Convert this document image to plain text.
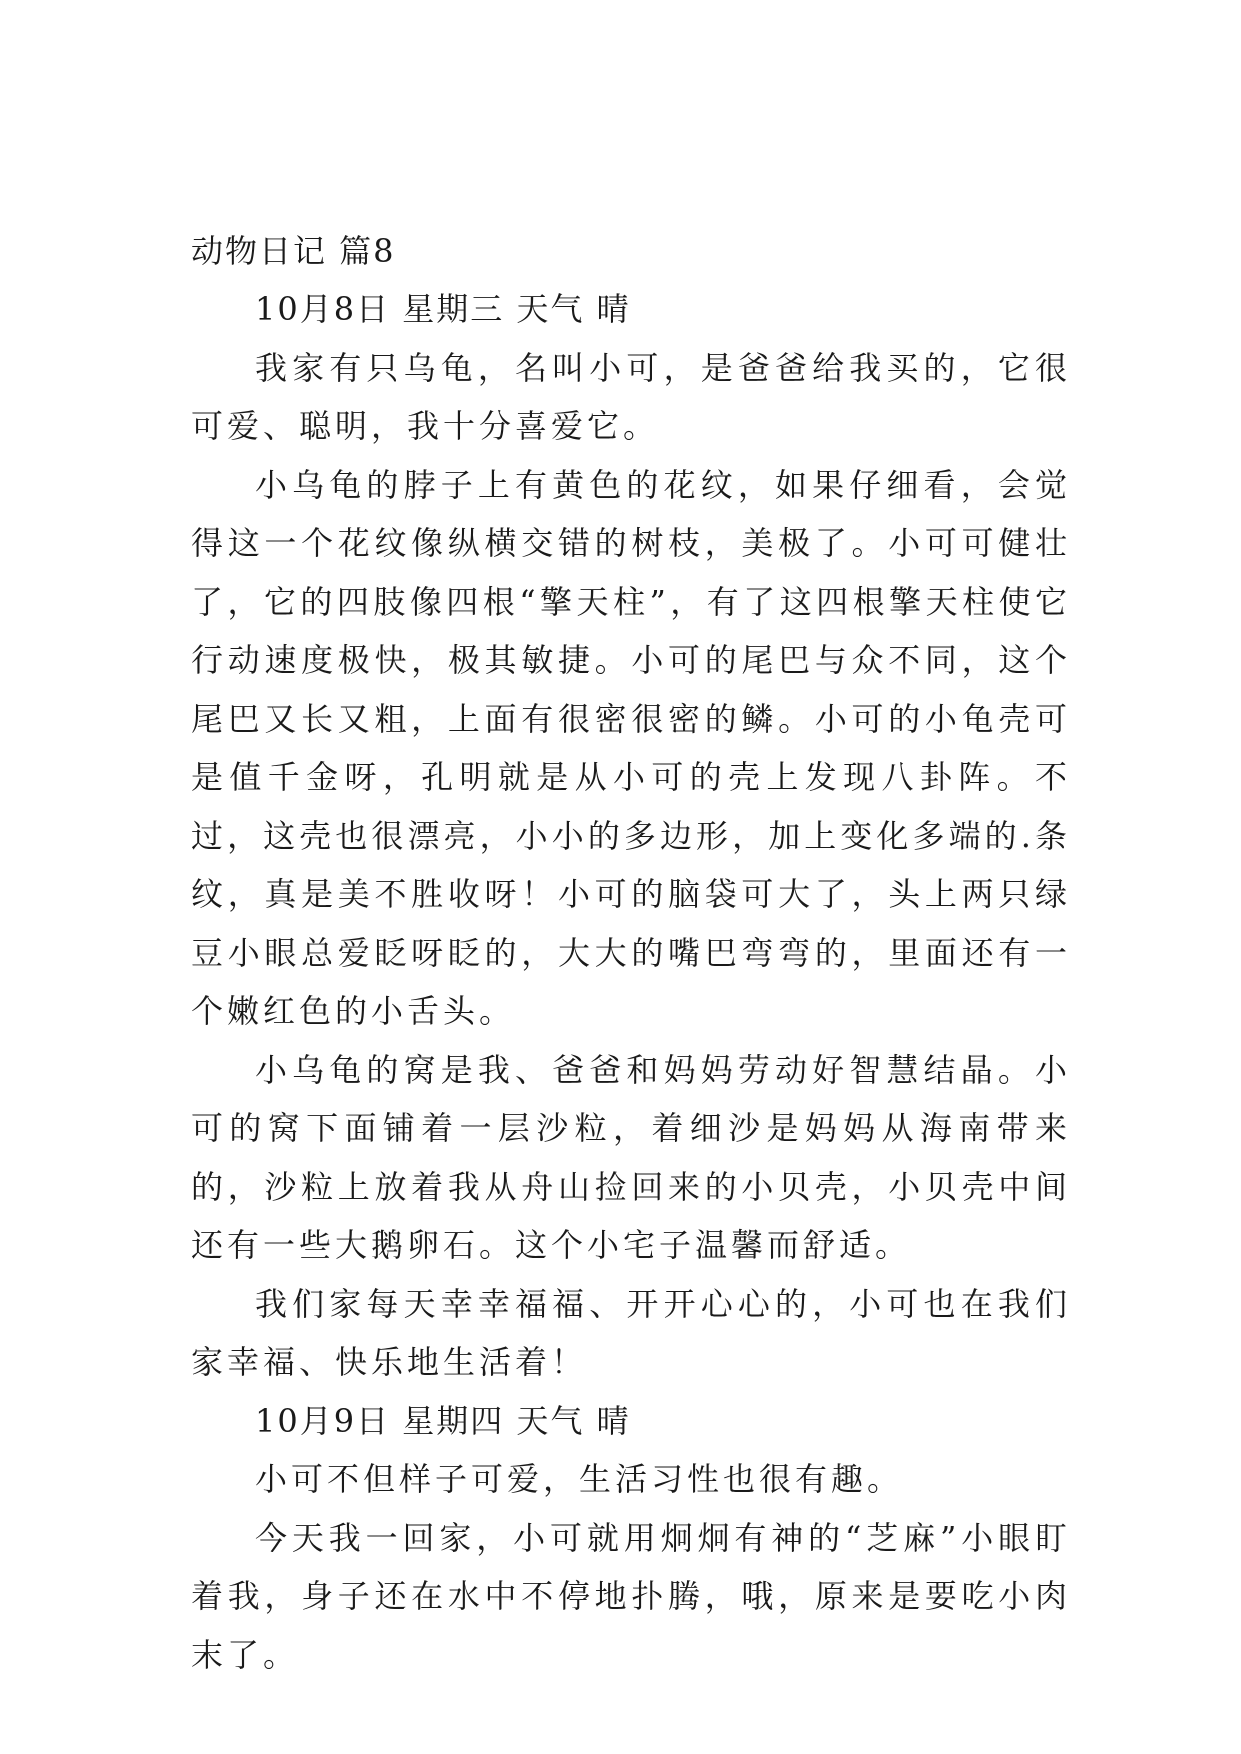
动物日记 篇8

10月8日 星期三 天气 晴

我家有只乌龟，名叫小可，是爸爸给我买的，它很可爱、聪明，我十分喜爱它。

小乌龟的脖子上有黄色的花纹，如果仔细看，会觉得这一个花纹像纵横交错的树枝，美极了。小可可健壮了，它的四肢像四根“擎天柱”，有了这四根擎天柱使它行动速度极快，极其敏捷。小可的尾巴与众不同，这个尾巴又长又粗，上面有很密很密的鳞。小可的小龟壳可是值千金呀，孔明就是从小可的壳上发现八卦阵。不过，这壳也很漂亮，小小的多边形，加上变化多端的.条纹，真是美不胜收呀！小可的脑袋可大了，头上两只绿豆小眼总爱眨呀眨的，大大的嘴巴弯弯的，里面还有一个嫩红色的小舌头。

小乌龟的窝是我、爸爸和妈妈劳动好智慧结晶。小可的窝下面铺着一层沙粒，着细沙是妈妈从海南带来的，沙粒上放着我从舟山捡回来的小贝壳，小贝壳中间还有一些大鹅卵石。这个小宅子温馨而舒适。

我们家每天幸幸福福、开开心心的，小可也在我们家幸福、快乐地生活着！

10月9日 星期四 天气 晴

小可不但样子可爱，生活习性也很有趣。

今天我一回家，小可就用炯炯有神的“芝麻”小眼盯着我，身子还在水中不停地扑腾，哦，原来是要吃小肉末了。
